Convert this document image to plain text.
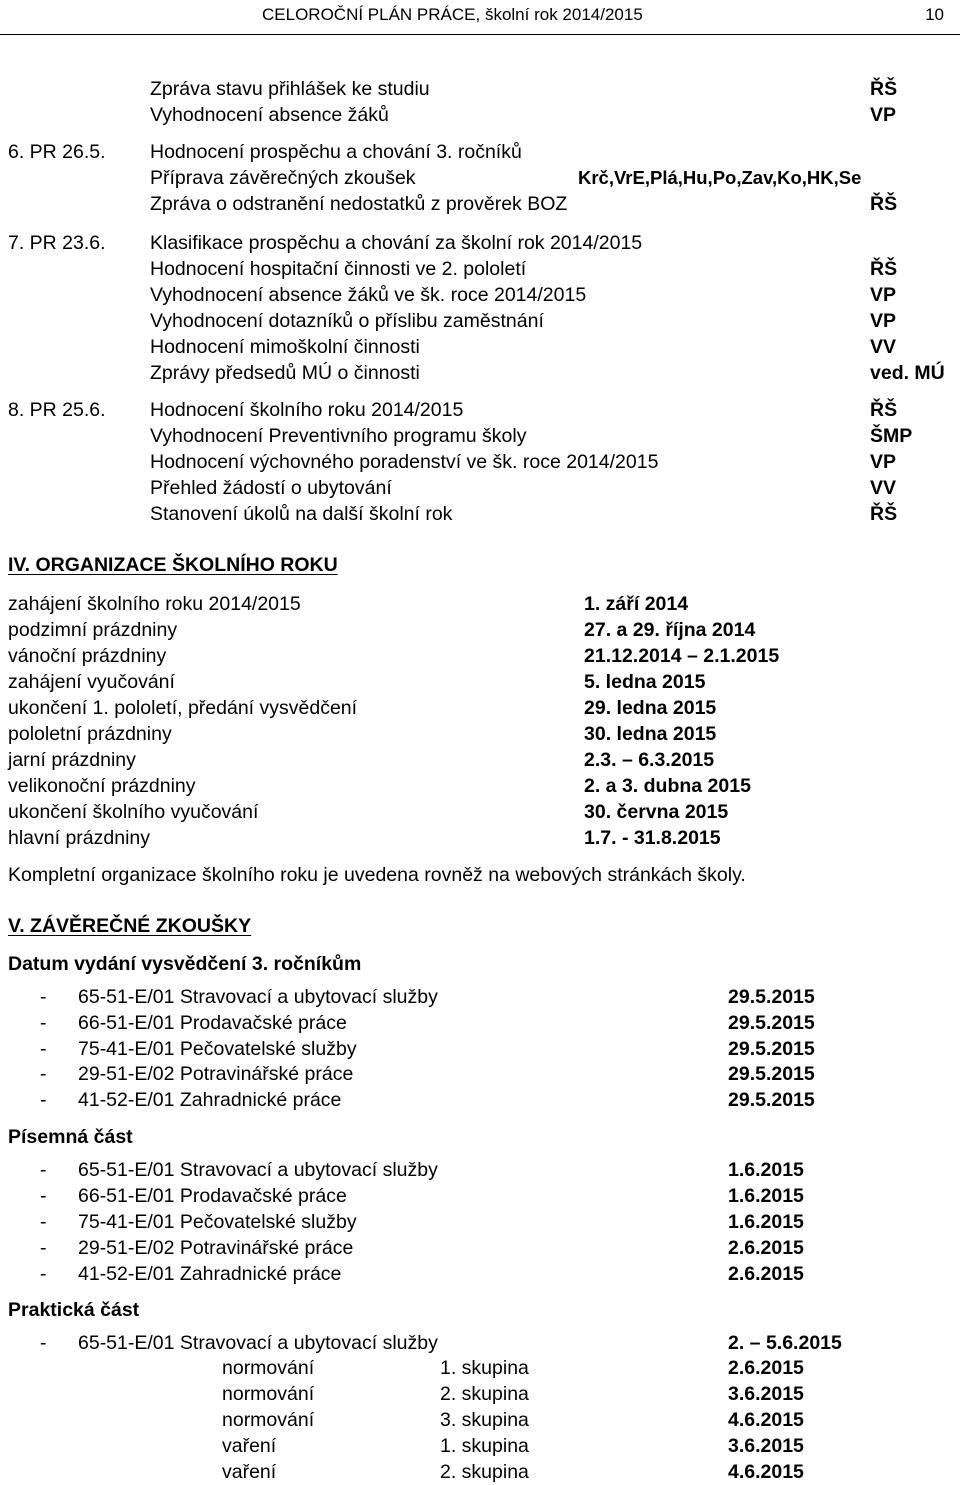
CELOROČNÍ PLÁN PRÁCE, školní rok 2014/2015	10
Zpráva stavu přihlášek ke studiu	ŘŠ
Vyhodnocení absence žáků	VP
6. PR 26.5. Hodnocení prospěchu a chování 3. ročníků
Příprava závěrečných zkoušek	Krč,VrE,Plá,Hu,Po,Zav,Ko,HK,Se
Zpráva o odstranění nedostatků z prověrek BOZ	ŘŠ
7. PR 23.6. Klasifikace prospěchu a chování za školní rok 2014/2015
Hodnocení hospitační činnosti ve 2. pololetí	ŘŠ
Vyhodnocení absence žáků ve šk. roce 2014/2015	VP
Vyhodnocení dotazníků o příslibu zaměstnání	VP
Hodnocení mimoškolní činnosti	VV
Zprávy předsedů MÚ o činnosti	ved. MÚ
8. PR 25.6. Hodnocení školního roku 2014/2015	ŘŠ
Vyhodnocení Preventivního programu školy	ŠMP
Hodnocení výchovného poradenství ve šk. roce 2014/2015	VP
Přehled žádostí o ubytování	VV
Stanovení úkolů na další školní rok	ŘŠ
IV. ORGANIZACE ŠKOLNÍHO ROKU
zahájení školního roku 2014/2015	1. září 2014
podzimní prázdniny	27. a 29. října 2014
vánoční prázdniny	21.12.2014 – 2.1.2015
zahájení vyučování	5. ledna 2015
ukončení 1. pololetí, předání vysvědčení	29. ledna 2015
pololetní prázdniny	30. ledna 2015
jarní prázdniny	2.3. – 6.3.2015
velikonoční prázdniny	2. a 3. dubna 2015
ukončení školního vyučování	30. června 2015
hlavní prázdniny	1.7. - 31.8.2015
Kompletní organizace školního roku je uvedena rovněž na webových stránkách školy.
V. ZÁVĚREČNÉ ZKOUŠKY
Datum vydání vysvědčení 3. ročníkům
- 65-51-E/01 Stravovací a ubytovací služby	29.5.2015
- 66-51-E/01 Prodavačské práce	29.5.2015
- 75-41-E/01 Pečovatelské služby	29.5.2015
- 29-51-E/02 Potravinářské práce	29.5.2015
- 41-52-E/01 Zahradnické práce	29.5.2015
Písemná část
- 65-51-E/01 Stravovací a ubytovací služby	1.6.2015
- 66-51-E/01 Prodavačské práce	1.6.2015
- 75-41-E/01 Pečovatelské služby	1.6.2015
- 29-51-E/02 Potravinářské práce	2.6.2015
- 41-52-E/01 Zahradnické práce	2.6.2015
Praktická část
- 65-51-E/01 Stravovací a ubytovací služby	2. – 5.6.2015
normování	1. skupina	2.6.2015
normování	2. skupina	3.6.2015
normování	3. skupina	4.6.2015
vaření	1. skupina	3.6.2015
vaření	2. skupina	4.6.2015
